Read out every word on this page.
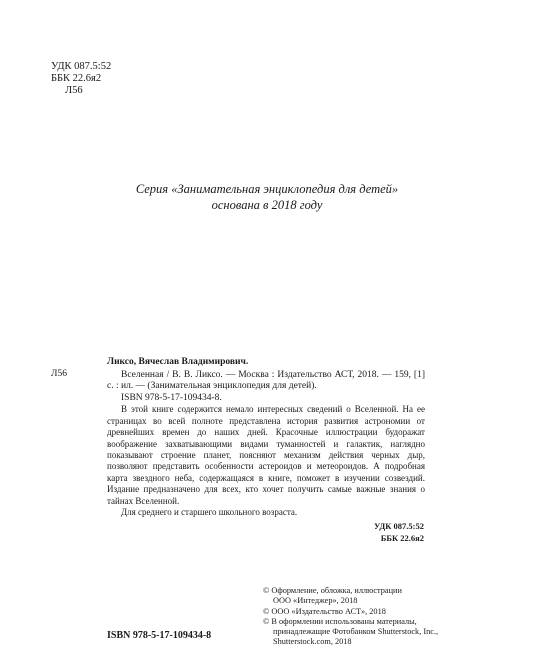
УДК 087.5:52
ББК 22.6я2
Л56
Серия «Занимательная энциклопедия для детей»
основана в 2018 году
Л56
Ликсо, Вячеслав Владимирович.

Вселенная / В. В. Ликсо. — Москва : Издательство АСТ, 2018. — 159, [1] с. : ил. — (Занимательная энциклопедия для детей).

ISBN 978-5-17-109434-8.

В этой книге содержится немало интересных сведений о Вселенной. На ее страницах во всей полноте представлена история развития астрономии от древнейших времен до наших дней. Красочные иллюстрации будоражат воображение захватывающими видами туманностей и галактик, наглядно показывают строение планет, поясняют механизм действия черных дыр, позволяют представить особенности астероидов и метеороидов. А подробная карта звездного неба, содержащаяся в книге, поможет в изучении созвездий. Издание предназначено для всех, кто хочет получить самые важные знания о тайнах Вселенной.

Для среднего и старшего школьного возраста.

УДК 087.5:52
ББК 22.6я2
© Оформление, обложка, иллюстрации
ООО «Интеджер», 2018
© ООО «Издательство АСТ», 2018
© В оформлении использованы материалы,
принадлежащие Фотобанком Shutterstock, Inc.,
Shutterstock.com, 2018
ISBN 978-5-17-109434-8
